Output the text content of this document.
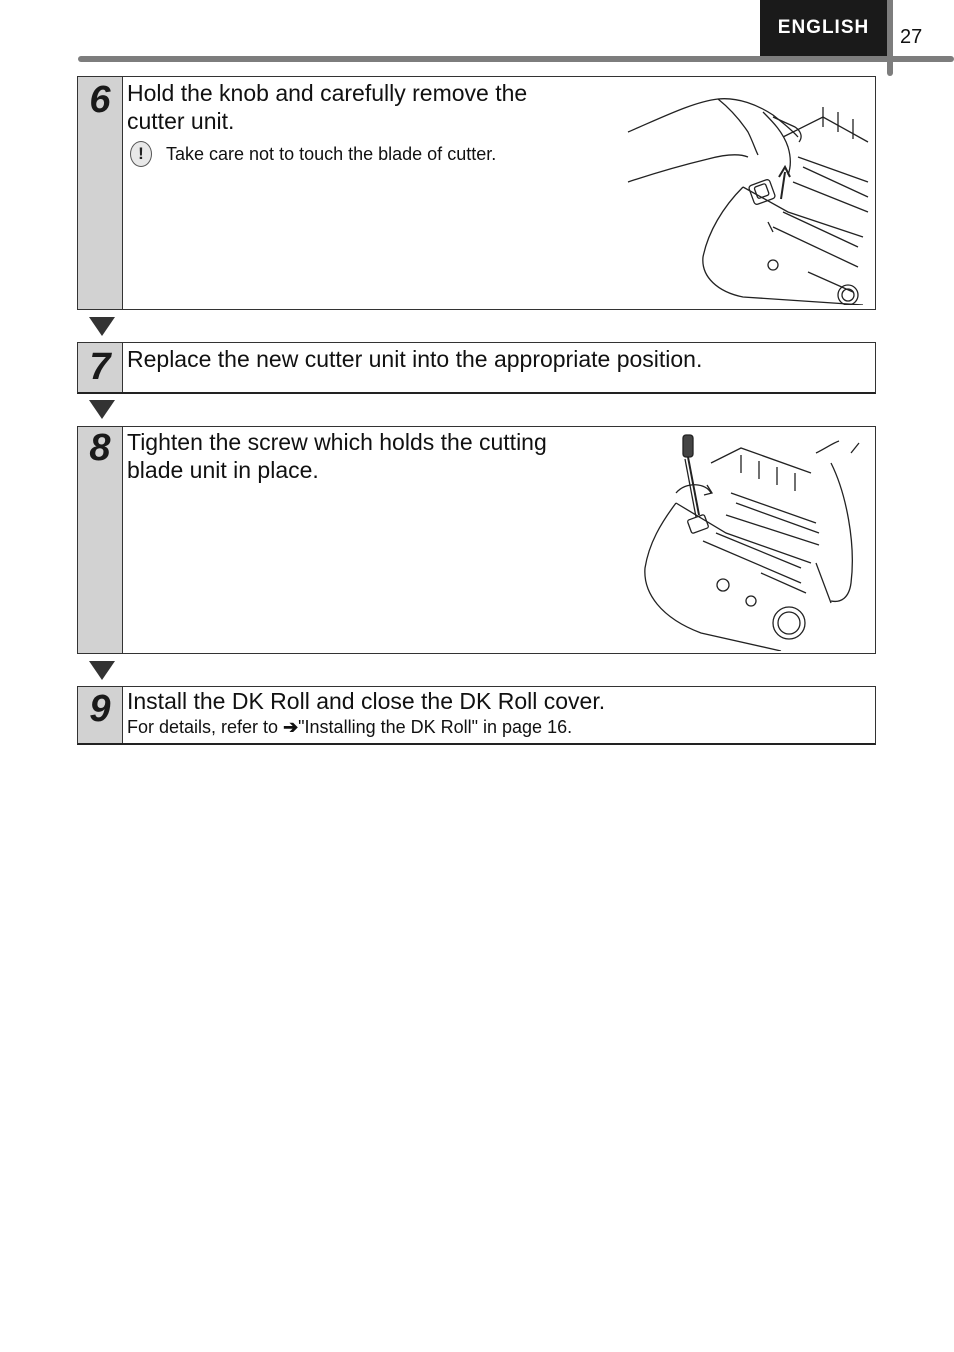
ENGLISH 27
6 Hold the knob and carefully remove the
cutter unit.
! Take care not to touch the blade of cutter.
7 Replace the new cutter unit into the appropriate position.
8 Tighten the screw which holds the cutting
blade unit in place.
9 Install the DK Roll and close the DK Roll cover.
For details, refer to ➔"Installing the DK Roll" in page 16.
